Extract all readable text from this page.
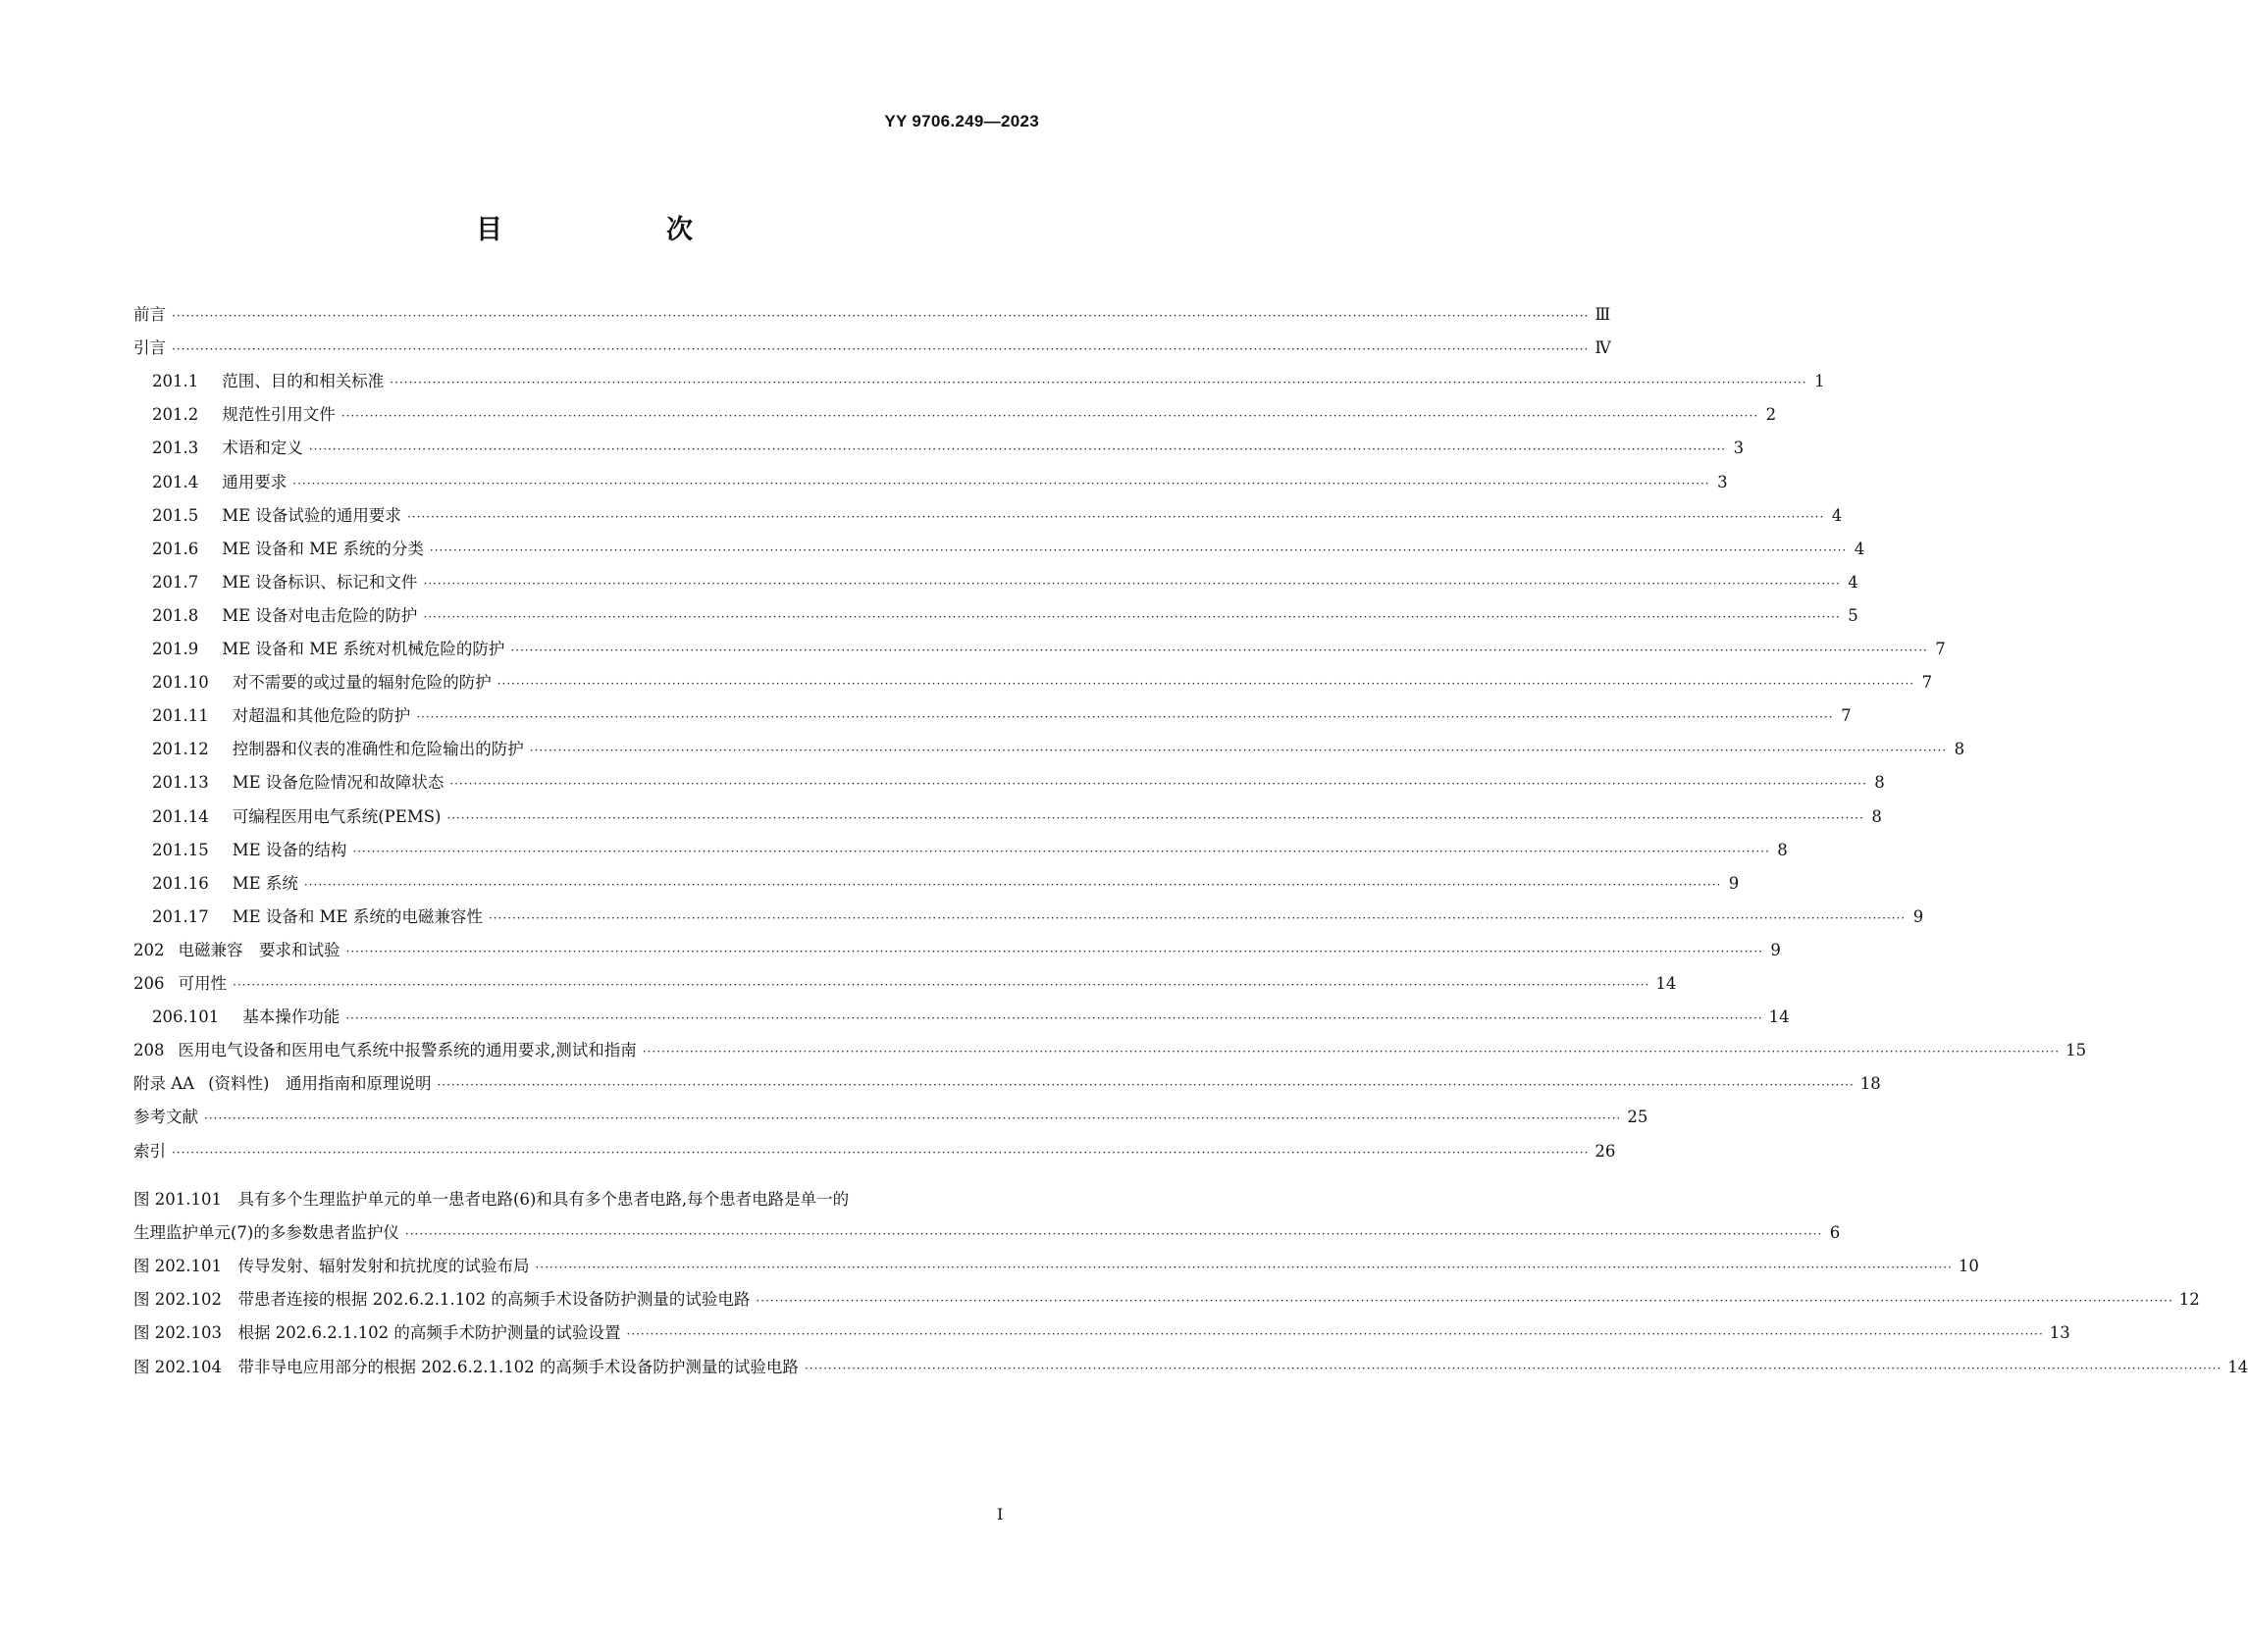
YY 9706.249—2023
目　次
前言 ············································································································································································································································································································ Ⅲ
引言 ············································································································································································································································································································ Ⅳ
201.1 范围、目的和相关标准 ············································································································································································································································································································ 1
201.2 规范性引用文件 ············································································································································································································································································································ 2
201.3 术语和定义 ············································································································································································································································································································ 3
201.4 通用要求 ············································································································································································································································································································ 3
201.5 ME 设备试验的通用要求 ············································································································································································································································································································ 4
201.6 ME 设备和 ME 系统的分类 ············································································································································································································································································································ 4
201.7 ME 设备标识、标记和文件 ············································································································································································································································································································ 4
201.8 ME 设备对电击危险的防护 ············································································································································································································································································································ 5
201.9 ME 设备和 ME 系统对机械危险的防护 ············································································································································································································································································································ 7
201.10 对不需要的或过量的辐射危险的防护 ············································································································································································································································································································ 7
201.11 对超温和其他危险的防护 ············································································································································································································································································································ 7
201.12 控制器和仪表的准确性和危险输出的防护 ············································································································································································································································································································ 8
201.13 ME 设备危险情况和故障状态 ············································································································································································································································································································ 8
201.14 可编程医用电气系统(PEMS) ············································································································································································································································································································ 8
201.15 ME 设备的结构 ············································································································································································································································································································ 8
201.16 ME 系统 ············································································································································································································································································································ 9
201.17 ME 设备和 ME 系统的电磁兼容性 ············································································································································································································································································································ 9
202 电磁兼容　要求和试验 ············································································································································································································································································································ 9
206 可用性 ············································································································································································································································································································ 14
206.101 基本操作功能 ············································································································································································································································································································ 14
208 医用电气设备和医用电气系统中报警系统的通用要求,测试和指南 ············································································································································································································································································································ 15
附录 AA (资料性)　通用指南和原理说明 ············································································································································································································································································································ 18
参考文献 ············································································································································································································································································································ 25
索引 ············································································································································································································································································································ 26
图 201.101　具有多个生理监护单元的单一患者电路(6)和具有多个患者电路,每个患者电路是单一的
生理监护单元(7)的多参数患者监护仪 ············································································································································································································································································································ 6
图 202.101　传导发射、辐射发射和抗扰度的试验布局 ············································································································································································································································································································ 10
图 202.102　带患者连接的根据 202.6.2.1.102 的高频手术设备防护测量的试验电路 ············································································································································································································································································································ 12
图 202.103　根据 202.6.2.1.102 的高频手术防护测量的试验设置 ············································································································································································································································································································ 13
图 202.104　带非导电应用部分的根据 202.6.2.1.102 的高频手术设备防护测量的试验电路 ············································································································································································································································································································ 14
I
